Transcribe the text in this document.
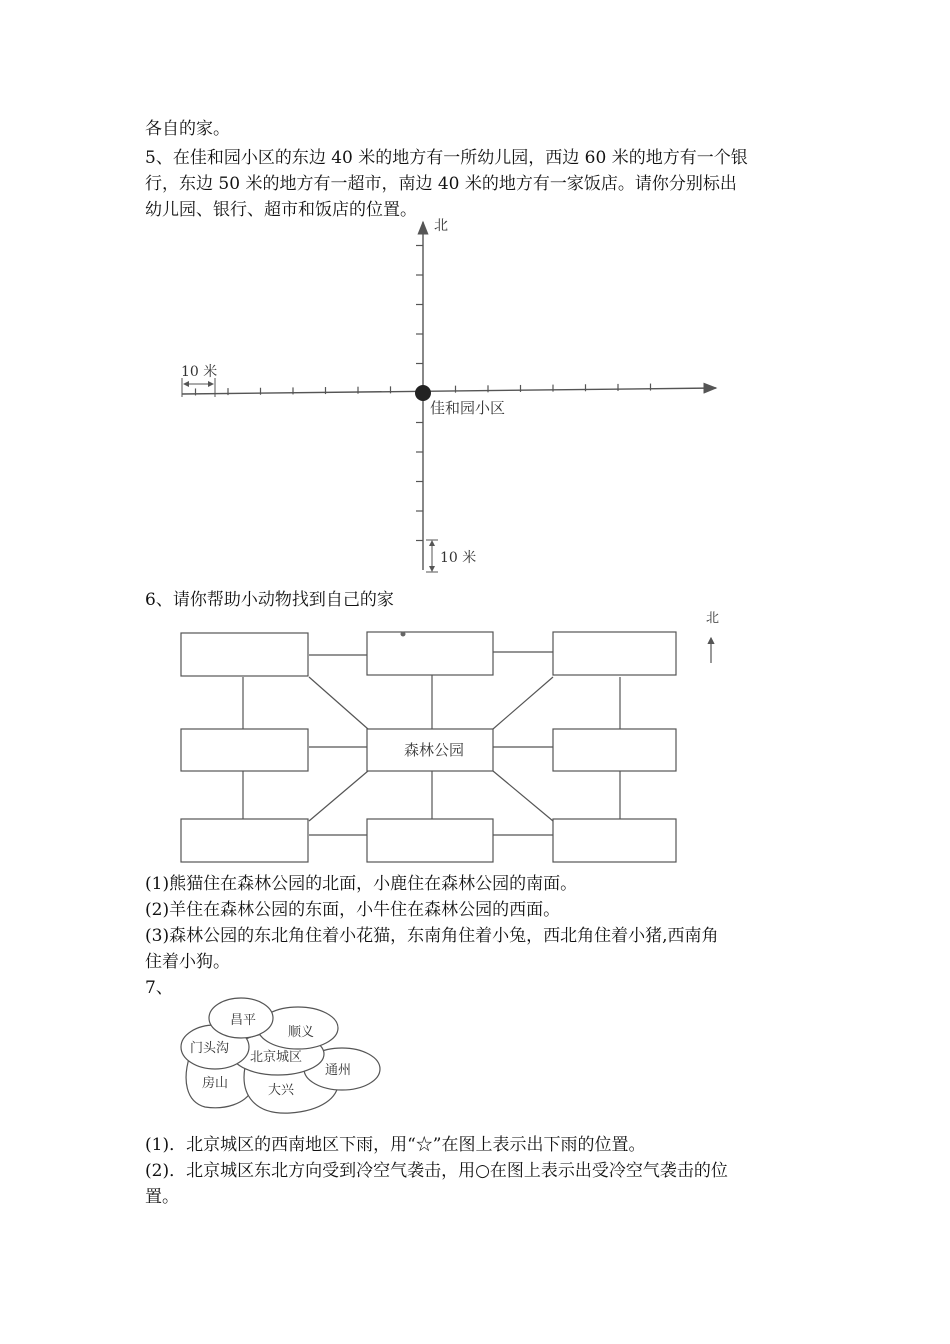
各自的家。
5、在佳和园小区的东边 40 米的地方有一所幼儿园，西边 60 米的地方有一个银
行，东边 50 米的地方有一超市，南边 40 米的地方有一家饭店。请你分别标出
幼儿园、银行、超市和饭店的位置。
北
佳和园小区
10 米
10 米
6、请你帮助小动物找到自己的家
森林公园
北
(1)熊猫住在森林公园的北面，小鹿住在森林公园的南面。
(2)羊住在森林公园的东面，小牛住在森林公园的西面。
(3)森林公园的东北角住着小花猫，东南角住着小兔，西北角住着小猪,西南角
住着小狗。
7、
昌平
顺义
门头沟
北京城区
通州
房山	大兴
(1)．北京城区的西南地区下雨，用“☆”在图上表示出下雨的位置。
(2)．北京城区东北方向受到冷空气袭击，用○在图上表示出受冷空气袭击的位
置。
